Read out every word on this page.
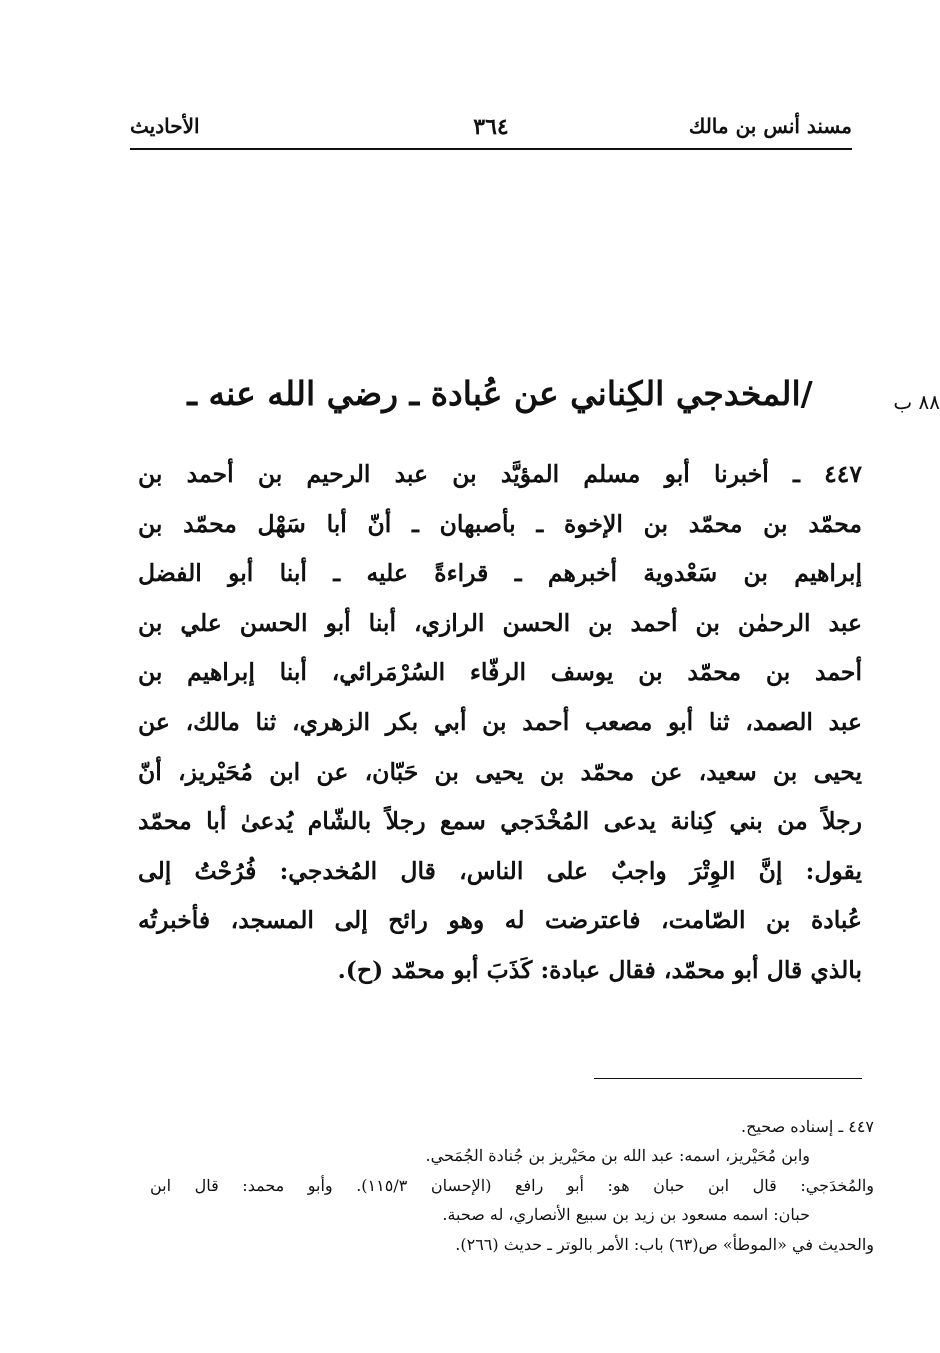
مسند أنس بن مالك
٣٦٤
الأحاديث
٨٨ ب
/المخدجي الكِناني عن عُبادة ـ رضي الله عنه ـ
٤٤٧ ـ أخبرنا أبو مسلم المؤيَّد بن عبد الرحيم بن أحمد بن
محمّد بن محمّد بن الإخوة ـ بأصبهان ـ أنّ أبا سَهْل محمّد بن
إبراهيم بن سَعْدوية أخبرهم ـ قراءةً عليه ـ أبنا أبو الفضل
عبد الرحمٰن بن أحمد بن الحسن الرازي، أبنا أبو الحسن علي بن
أحمد بن محمّد بن يوسف الرفّاء السُرْمَرائي، أبنا إبراهيم بن
عبد الصمد، ثنا أبو مصعب أحمد بن أبي بكر الزهري، ثنا مالك، عن
يحيى بن سعيد، عن محمّد بن يحيى بن حَبّان، عن ابن مُحَيْريز، أنّ
رجلاً من بني كِنانة يدعى المُخْدَجي سمع رجلاً بالشّام يُدعىٰ أبا محمّد
يقول: إنَّ الوِتْرَ واجبٌ على الناس، قال المُخدجي: فُرُحْتُ إلى
عُبادة بن الصّامت، فاعترضت له وهو رائح إلى المسجد، فأخبرتُه
بالذي قال أبو محمّد، فقال عبادة: كَذَبَ أبو محمّد (ح).
٤٤٧ ـ إسناده صحيح.
وابن مُحَيْريز، اسمه: عبد الله بن محَيْريز بن جُنادة الجُمَحي.
والمُخدَجي: قال ابن حبان هو: أبو رافع (الإحسان ١١٥/٣). وأبو محمد: قال ابن
حبان: اسمه مسعود بن زيد بن سبيع الأنصاري، له صحبة.
والحديث في «الموطأ» ص(٦٣) باب: الأمر بالوتر ـ حديث (٢٦٦).
